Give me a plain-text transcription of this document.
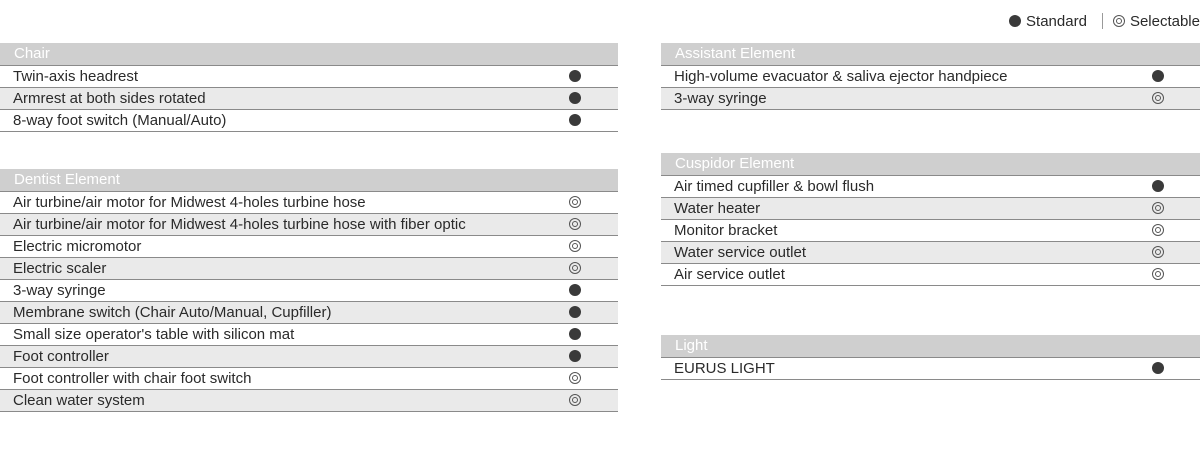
Standard	Selectable
Chair
Twin-axis headrest
Armrest at both sides rotated
8-way foot switch (Manual/Auto)
Dentist Element
Air turbine/air motor for Midwest 4-holes turbine hose
Air turbine/air motor for Midwest 4-holes turbine hose with fiber optic
Electric micromotor
Electric scaler
3-way syringe
Membrane switch (Chair Auto/Manual, Cupfiller)
Small size operator's table with silicon mat
Foot controller
Foot controller with chair foot switch
Clean water system
Assistant Element
High-volume evacuator & saliva ejector handpiece
3-way syringe
Cuspidor Element
Air timed cupfiller & bowl flush
Water heater
Monitor bracket
Water service outlet
Air service outlet
Light
EURUS LIGHT
